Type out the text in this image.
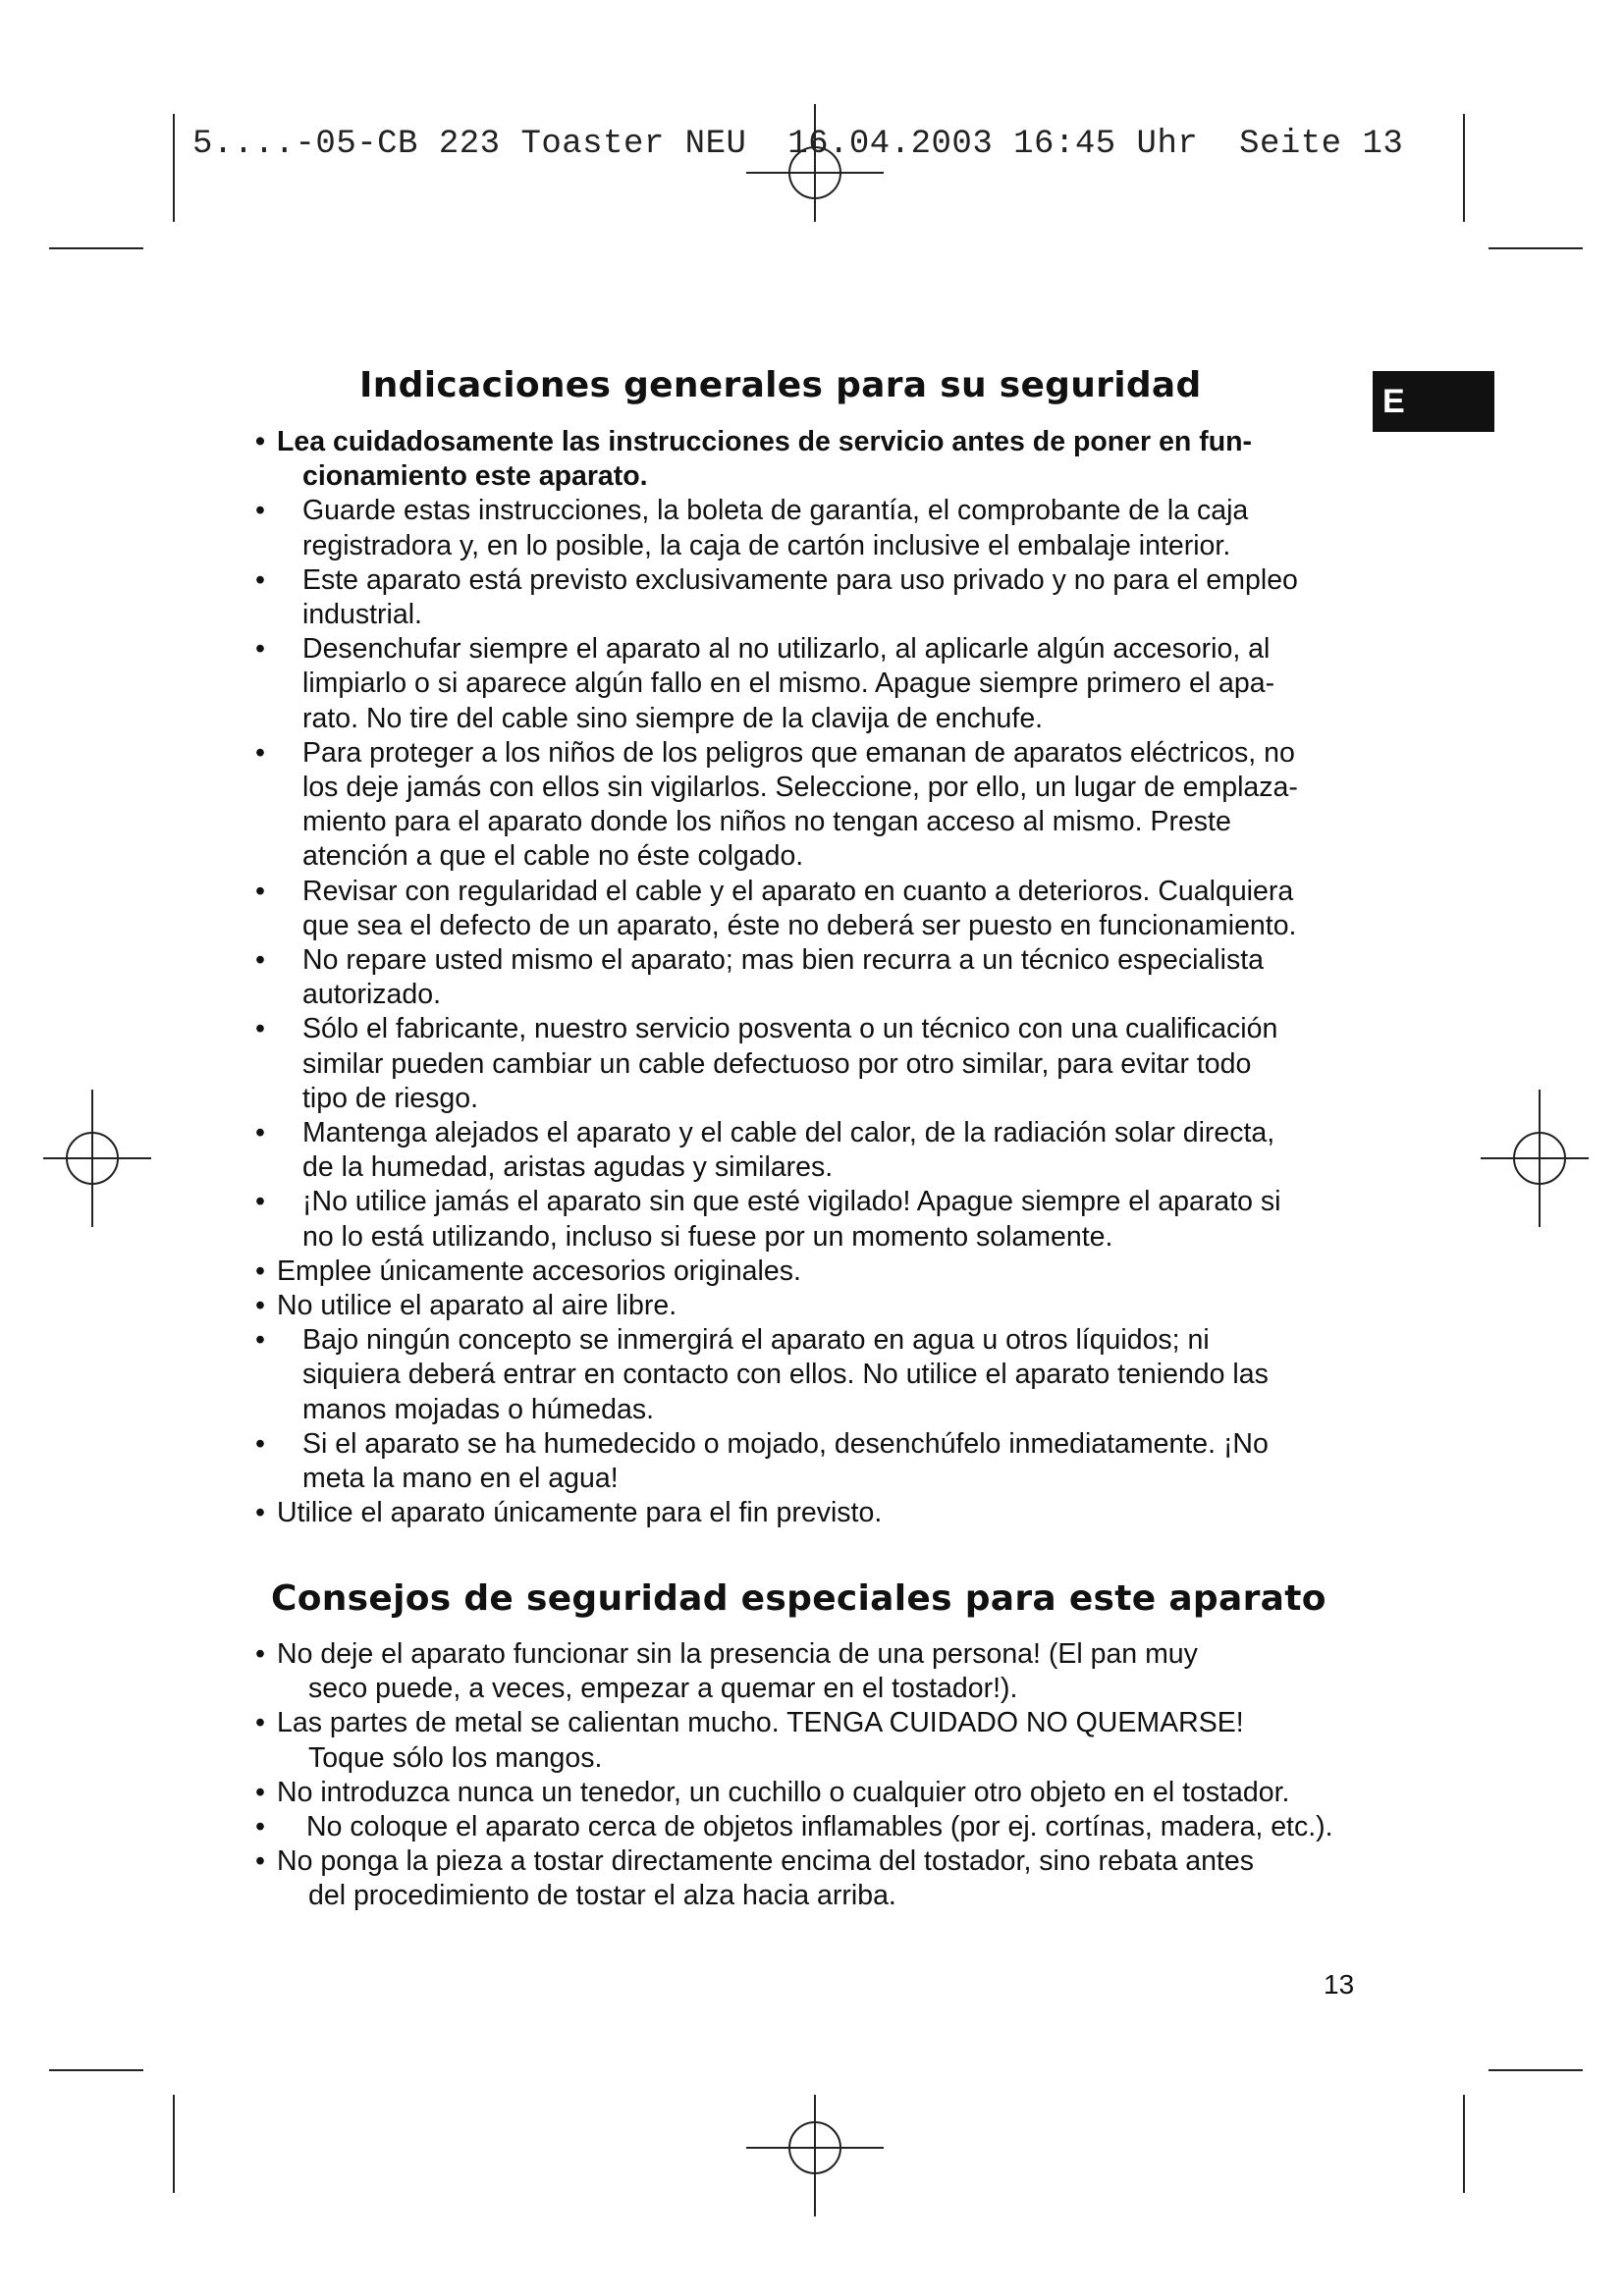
5....-05-CB 223 Toaster NEU  16.04.2003 16:45 Uhr  Seite 13
E
Indicaciones generales para su seguridad
• Lea cuidadosamente las instrucciones de servicio antes de poner en fun-
cionamiento este aparato.
• Guarde estas instrucciones, la boleta de garantía, el comprobante de la caja
registradora y, en lo posible, la caja de cartón inclusive el embalaje interior.
• Este aparato está previsto exclusivamente para uso privado y no para el empleo
industrial.
• Desenchufar siempre el aparato al no utilizarlo, al aplicarle algún accesorio, al
limpiarlo o si aparece algún fallo en el mismo. Apague siempre primero el apa-
rato. No tire del cable sino siempre de la clavija de enchufe.
• Para proteger a los niños de los peligros que emanan de aparatos eléctricos, no
los deje jamás con ellos sin vigilarlos. Seleccione, por ello, un lugar de emplaza-
miento para el aparato donde los niños no tengan acceso al mismo. Preste
atención a que el cable no éste colgado.
• Revisar con regularidad el cable y el aparato en cuanto a deterioros. Cualquiera
que sea el defecto de un aparato, éste no deberá ser puesto en funcionamiento.
• No repare usted mismo el aparato; mas bien recurra a un técnico especialista
autorizado.
• Sólo el fabricante, nuestro servicio posventa o un técnico con una cualificación
similar pueden cambiar un cable defectuoso por otro similar, para evitar todo
tipo de riesgo.
• Mantenga alejados el aparato y el cable del calor, de la radiación solar directa,
de la humedad, aristas agudas y similares.
• ¡No utilice jamás el aparato sin que esté vigilado! Apague siempre el aparato si
no lo está utilizando, incluso si fuese por un momento solamente.
• Emplee únicamente accesorios originales.
• No utilice el aparato al aire libre.
• Bajo ningún concepto se inmergirá el aparato en agua u otros líquidos; ni
siquiera deberá entrar en contacto con ellos. No utilice el aparato teniendo las
manos mojadas o húmedas.
• Si el aparato se ha humedecido o mojado, desenchúfelo inmediatamente. ¡No
meta la mano en el agua!
• Utilice el aparato únicamente para el fin previsto.
Consejos de seguridad especiales para este aparato
• No deje el aparato funcionar sin la presencia de una persona! (El pan muy
seco puede, a veces, empezar a quemar en el tostador!).
• Las partes de metal se calientan mucho. TENGA CUIDADO NO QUEMARSE!
Toque sólo los mangos.
• No introduzca nunca un tenedor, un cuchillo o cualquier otro objeto en el tostador.
• No coloque el aparato cerca de objetos inflamables (por ej. cortínas, madera, etc.).
• No ponga la pieza a tostar directamente encima del tostador, sino rebata antes
del procedimiento de tostar el alza hacia arriba.
13
